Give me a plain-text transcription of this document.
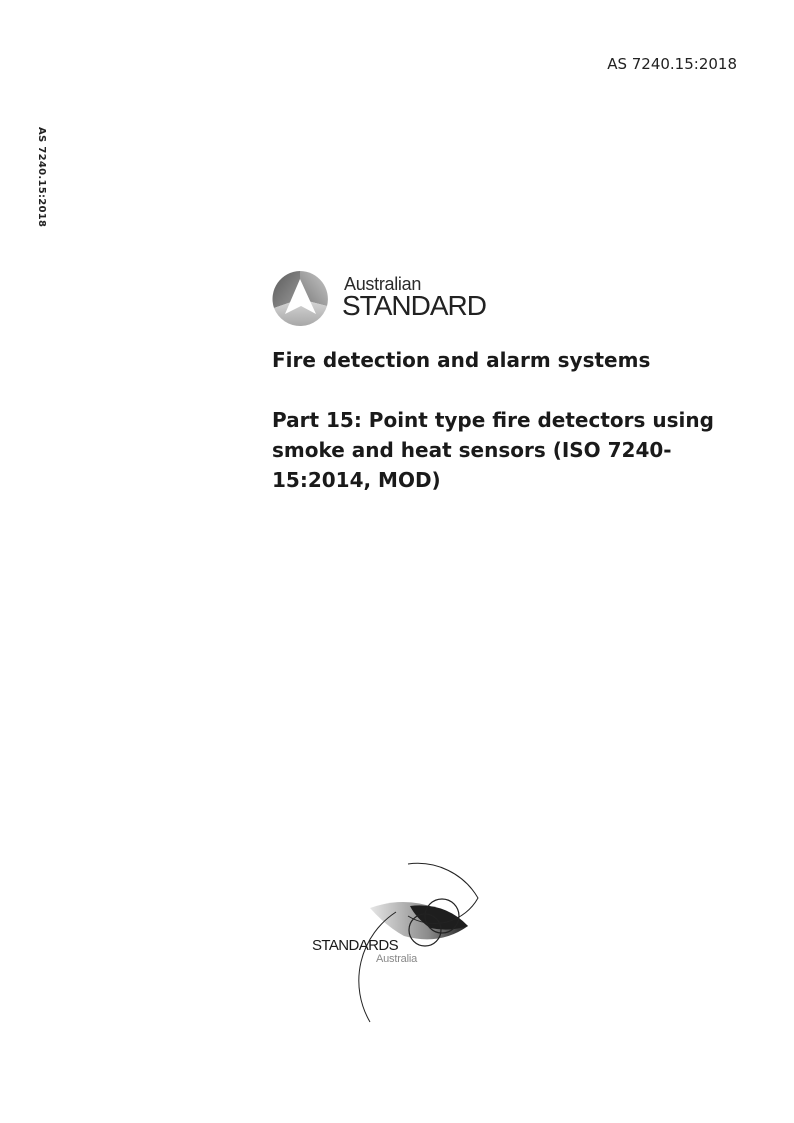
AS 7240.15:2018
AS 7240.15:2018
Australian
STANDARD
Fire detection and alarm systems
Part 15: Point type fire detectors using smoke and heat sensors (ISO 7240-15:2014, MOD)
STANDARDS
Australia
